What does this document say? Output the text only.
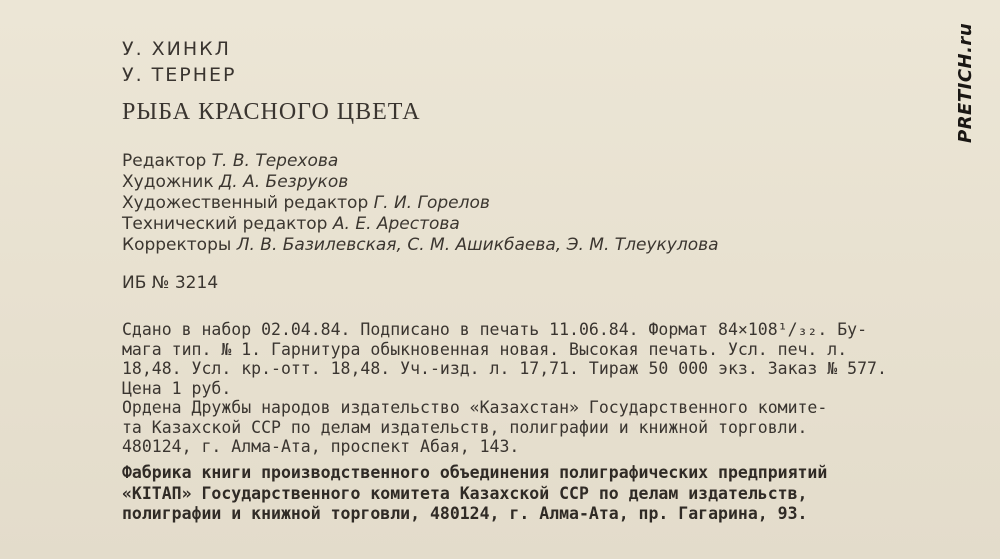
У. ХИНКЛ
У. ТЕРНЕР
РЫБА КРАСНОГО ЦВЕТА
Редактор Т. В. Терехова
Художник Д. А. Безруков
Художественный редактор Г. И. Горелов
Технический редактор А. Е. Арестова
Корректоры Л. В. Базилевская, С. М. Ашикбаева, Э. М. Тлеукулова
ИБ № 3214
Сдано в набор 02.04.84. Подписано в печать 11.06.84. Формат 84×108¹/₃₂. Бу-
мага тип. № 1. Гарнитура обыкновенная новая. Высокая печать. Усл. печ. л.
18,48. Усл. кр.-отт. 18,48. Уч.-изд. л. 17,71. Тираж 50 000 экз. Заказ № 577.
Цена 1 руб.
Ордена Дружбы народов издательство «Казахстан» Государственного комите-
та Казахской ССР по делам издательств, полиграфии и книжной торговли.
480124, г. Алма-Ата, проспект Абая, 143.
Фабрика книги производственного объединения полиграфических предприятий
«КІТАП» Государственного комитета Казахской ССР по делам издательств,
полиграфии и книжной торговли, 480124, г. Алма-Ата, пр. Гагарина, 93.
PRETICH.ru
